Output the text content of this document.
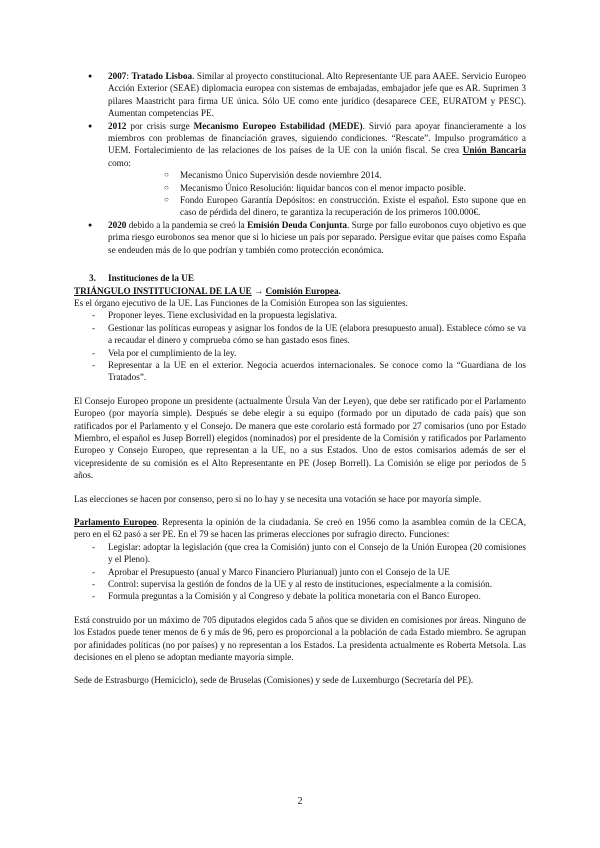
● 2007: Tratado Lisboa. Similar al proyecto constitucional. Alto Representante UE para AAEE. Servicio Europeo Acción Exterior (SEAE) diplomacia europea con sistemas de embajadas, embajador jefe que es AR. Suprimen 3 pilares Maastricht para firma UE única. Sólo UE como ente jurídico (desaparece CEE, EURATOM y PESC). Aumentan competencias PE.
● 2012 por crisis surge Mecanismo Europeo Estabilidad (MEDE). Sirvió para apoyar financieramente a los miembros con problemas de financiación graves, siguiendo condiciones. “Rescate”. Impulso programático a UEM. Fortalecimiento de las relaciones de los países de la UE con la unión fiscal. Se crea Unión Bancaria como:
○ Mecanismo Único Supervisión desde noviembre 2014.
○ Mecanismo Único Resolución: liquidar bancos con el menor impacto posible.
○ Fondo Europeo Garantía Depósitos: en construcción. Existe el español. Esto supone que en caso de pérdida del dinero, te garantiza la recuperación de los primeros 100.000€.
● 2020 debido a la pandemia se creó la Emisión Deuda Conjunta. Surge por fallo eurobonos cuyo objetivo es que prima riesgo eurobonos sea menor que si lo hiciese un país por separado. Persigue evitar que países como España se endeuden más de lo que podrían y también como protección económica.
3. Instituciones de la UE

TRIÁNGULO INSTITUCIONAL DE LA UE → Comisión Europea.

Es el órgano ejecutivo de la UE. Las Funciones de la Comisión Europea son las siguientes.

- Proponer leyes. Tiene exclusividad en la propuesta legislativa.
- Gestionar las políticas europeas y asignar los fondos de la UE (elabora presupuesto anual). Establece cómo se va a recaudar el dinero y comprueba cómo se han gastado esos fines.
- Vela por el cumplimiento de la ley.
- Representar a la UE en el exterior. Negocia acuerdos internacionales. Se conoce como la “Guardiana de los Tratados”.

El Consejo Europeo propone un presidente (actualmente Úrsula Van der Leyen), que debe ser ratificado por el Parlamento Europeo (por mayoría simple). Después se debe elegir a su equipo (formado por un diputado de cada país) que son ratificados por el Parlamento y el Consejo. De manera que este corolario está formado por 27 comisarios (uno por Estado Miembro, el español es Jusep Borrell) elegidos (nominados) por el presidente de la Comisión y ratificados por Parlamento Europeo y Consejo Europeo, que representan a la UE, no a sus Estados. Uno de estos comisarios además de ser el vicepresidente de su comisión es el Alto Representante en PE (Josep Borrell). La Comisión se elige por periodos de 5 años.

Las elecciones se hacen por consenso, pero si no lo hay y se necesita una votación se hace por mayoría simple.

Parlamento Europeo. Representa la opinión de la ciudadanía. Se creó en 1956 como la asamblea común de la CECA, pero en el 62 pasó a ser PE. En el 79 se hacen las primeras elecciones por sufragio directo. Funciones:

- Legislar: adoptar la legislación (que crea la Comisión) junto con el Consejo de la Unión Europea (20 comisiones y el Pleno).
- Aprobar el Presupuesto (anual y Marco Financiero Plurianual) junto con el Consejo de la UE
- Control: supervisa la gestión de fondos de la UE y al resto de instituciones, especialmente a la comisión.
- Formula preguntas a la Comisión y al Congreso y debate la política monetaria con el Banco Europeo.

Está construido por un máximo de 705 diputados elegidos cada 5 años que se dividen en comisiones por áreas. Ninguno de los Estados puede tener menos de 6 y más de 96, pero es proporcional a la población de cada Estado miembro. Se agrupan por afinidades políticas (no por países) y no representan a los Estados. La presidenta actualmente es Roberta Metsola. Las decisiones en el pleno se adoptan mediante mayoría simple.

Sede de Estrasburgo (Hemiciclo), sede de Bruselas (Comisiones) y sede de Luxemburgo (Secretaría del PE).

2
